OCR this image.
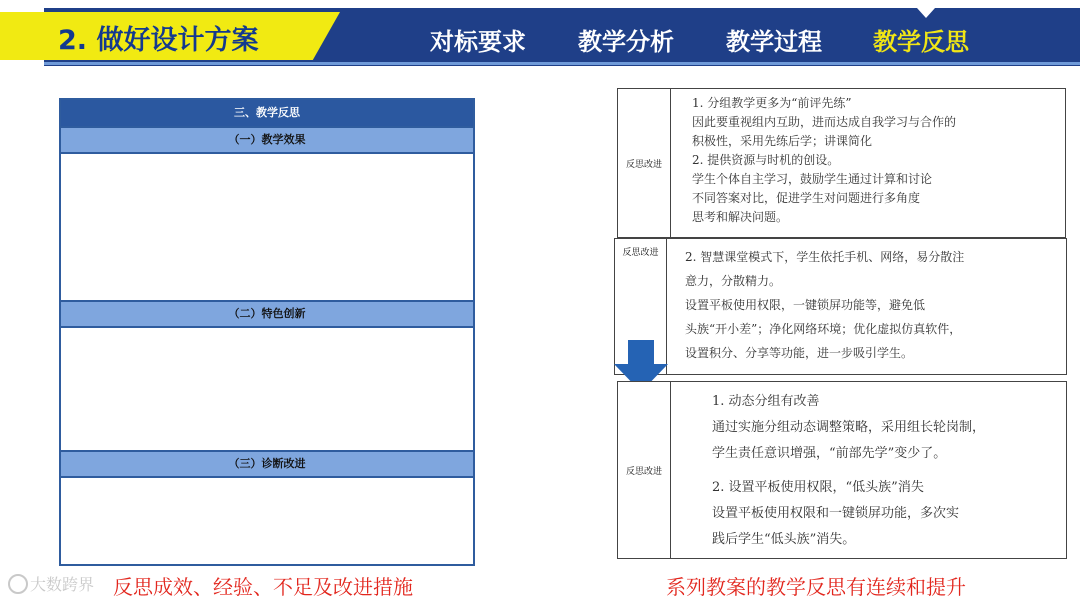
2. 做好设计方案	对标要求 教学分析 教学过程 教学反思
三、教学反思
（一）教学效果
（二）特色创新
（三）诊断改进
大数跨界 反思成效、经验、不足及改进措施
反思改进
1. 分组教学更多为“前评先练”
因此要重视组内互助，进而达成自我学习与合作的
积极性，采用先练后学；讲课简化
2. 提供资源与时机的创设。
学生个体自主学习，鼓励学生通过计算和讨论
不同答案对比，促进学生对问题进行多角度
思考和解决问题。
反思改进	2. 智慧课堂模式下，学生依托手机、网络，易分散注
意力，分散精力。
设置平板使用权限，一键锁屏功能等，避免低
头族“开小差”；净化网络环境；优化虚拟仿真软件，
设置积分、分享等功能，进一步吸引学生。
反思改进
1. 动态分组有改善
通过实施分组动态调整策略，采用组长轮岗制，
学生责任意识增强，“前部先学”变少了。
2. 设置平板使用权限，“低头族”消失
设置平板使用权限和一键锁屏功能，多次实
践后学生“低头族”消失。
系列教案的教学反思有连续和提升
